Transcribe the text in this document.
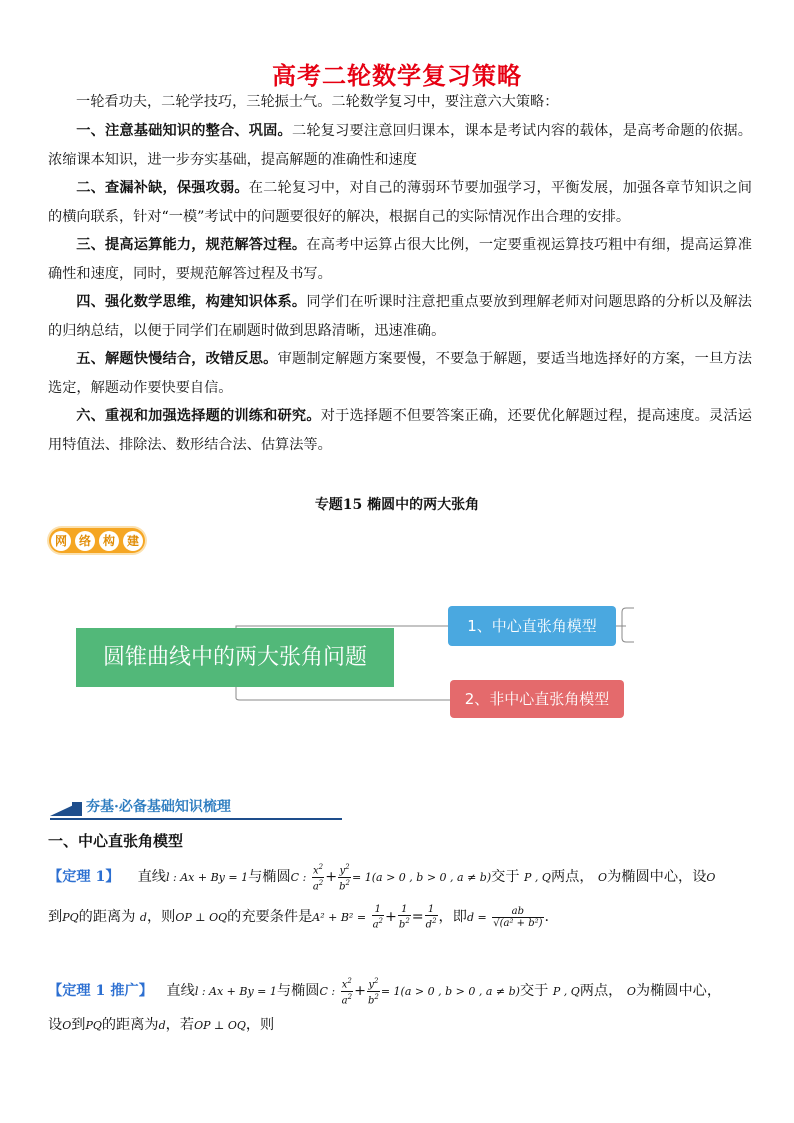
高考二轮数学复习策略
一轮看功夫，二轮学技巧，三轮振士气。二轮数学复习中，要注意六大策略：
一、注意基础知识的整合、巩固。二轮复习要注意回归课本，课本是考试内容的载体，是高考命题的依据。浓缩课本知识，进一步夯实基础，提高解题的准确性和速度
二、查漏补缺，保强攻弱。在二轮复习中，对自己的薄弱环节要加强学习，平衡发展，加强各章节知识之间的横向联系，针对“一模”考试中的问题要很好的解决，根据自己的实际情况作出合理的安排。
三、提高运算能力，规范解答过程。在高考中运算占很大比例，一定要重视运算技巧粗中有细，提高运算准确性和速度，同时，要规范解答过程及书写。
四、强化数学思维，构建知识体系。同学们在听课时注意把重点要放到理解老师对问题思路的分析以及解法的归纳总结，以便于同学们在刷题时做到思路清晰，迅速准确。
五、解题快慢结合，改错反思。审题制定解题方案要慢，不要急于解题，要适当地选择好的方案，一旦方法选定，解题动作要快要自信。
六、重视和加强选择题的训练和研究。对于选择题不但要答案正确，还要优化解题过程，提高速度。灵活运用特值法、排除法、数形结合法、估算法等。
专题15 椭圆中的两大张角
网 络 构 建
圆锥曲线中的两大张角问题
1、中心直张角模型
2、非中心直张角模型
夯基·必备基础知识梳理
一、中心直张角模型
【定理 1】 直线l : Ax + By = 1与椭圆C : $\frac{x^2}{a^2} + \frac{y^2}{b^2} = 1(a > 0$ , b > 0 , a ≠ b)交于 P , Q两点， O为椭圆中心，设O
到PQ的距离为 d，则OP ⊥ OQ的充要条件是$A^2 + B^2 = \frac{1}{a^2} + \frac{1}{b^2} = \frac{1}{d^2}$ ，即$d = \frac{ab}{\text{√(a² + b²)}}$ .
【定理 1 推广】 直线l : Ax + By = 1与椭圆C : $\frac{x^2}{a^2} + \frac{y^2}{b^2} = 1(a > 0$ , b > 0 , a ≠ b)交于 P , Q两点， O为椭圆中心，
设O到PQ的距离为d，若OP ⊥ OQ，则
